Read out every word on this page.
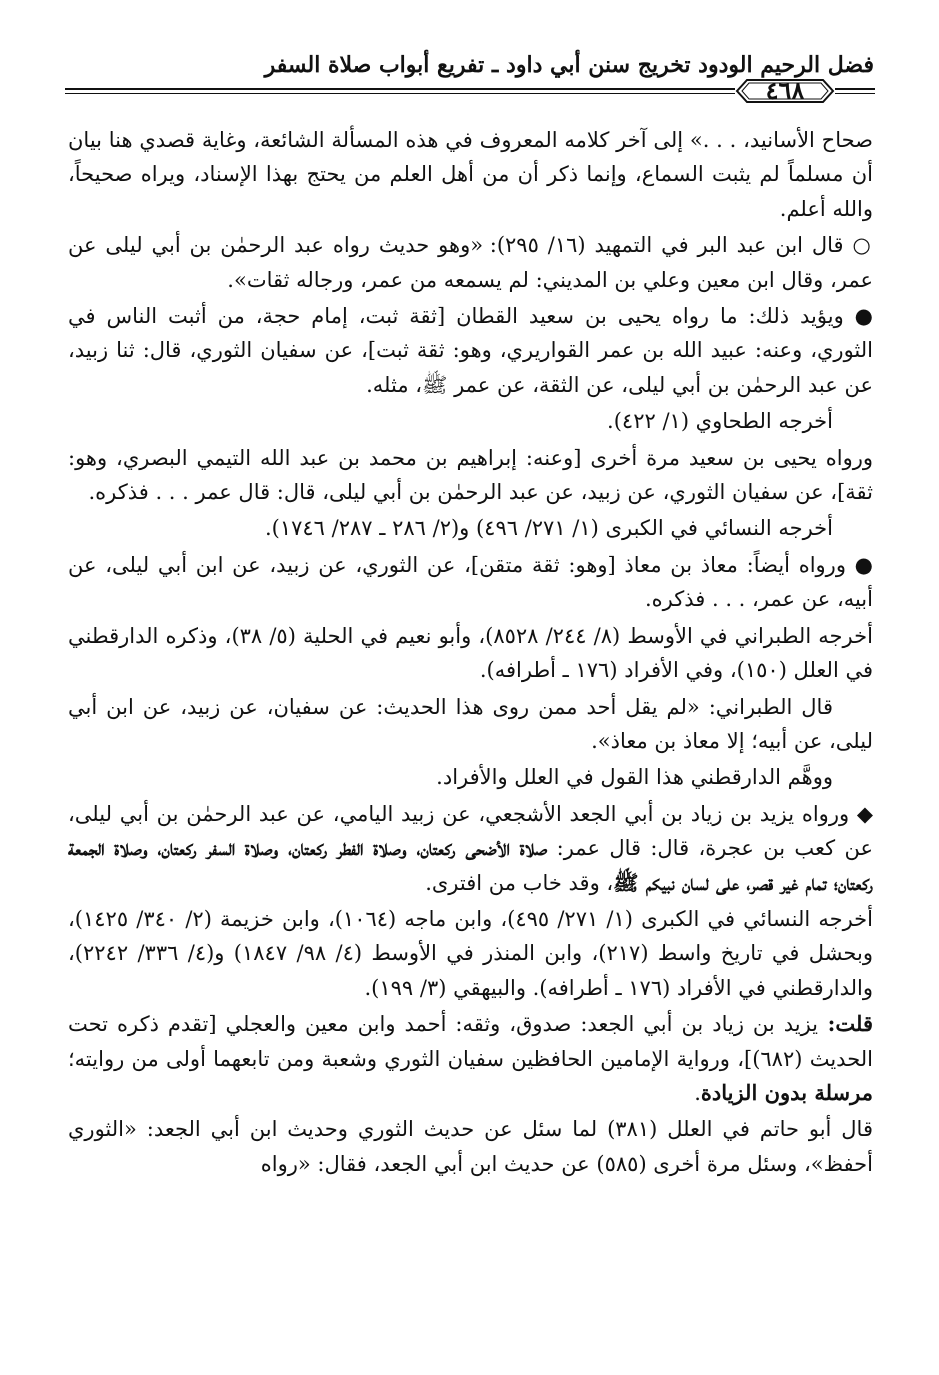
فضل الرحيم الودود تخريج سنن أبي داود ـ تفريع أبواب صلاة السفر
٤٦٨

صحاح الأسانيد، . . .» إلى آخر كلامه المعروف في هذه المسألة الشائعة، وغاية قصدي هنا بيان أن مسلماً لم يثبت السماع، وإنما ذكر أن من أهل العلم من يحتج بهذا الإسناد، ويراه صحيحاً، والله أعلم.

○ قال ابن عبد البر في التمهيد (١٦/ ٢٩٥): «وهو حديث رواه عبد الرحمٰن بن أبي ليلى عن عمر، وقال ابن معين وعلي بن المديني: لم يسمعه من عمر، ورجاله ثقات».

● ويؤيد ذلك: ما رواه يحيى بن سعيد القطان [ثقة ثبت، إمام حجة، من أثبت الناس في الثوري، وعنه: عبيد الله بن عمر القواريري، وهو: ثقة ثبت]، عن سفيان الثوري، قال: ثنا زبيد، عن عبد الرحمٰن بن أبي ليلى، عن الثقة، عن عمر ﷺ، مثله.

أخرجه الطحاوي (١/ ٤٢٢).

ورواه يحيى بن سعيد مرة أخرى [وعنه: إبراهيم بن محمد بن عبد الله التيمي البصري، وهو: ثقة]، عن سفيان الثوري، عن زبيد، عن عبد الرحمٰن بن أبي ليلى، قال: قال عمر . . . فذكره.

أخرجه النسائي في الكبرى (١/ ٢٧١/ ٤٩٦) و(٢/ ٢٨٦ ـ ٢٨٧/ ١٧٤٦).

● ورواه أيضاً: معاذ بن معاذ [وهو: ثقة متقن]، عن الثوري، عن زبيد، عن ابن أبي ليلى، عن أبيه، عن عمر، . . . فذكره.

أخرجه الطبراني في الأوسط (٨/ ٢٤٤/ ٨٥٢٨)، وأبو نعيم في الحلية (٥/ ٣٨)، وذكره الدارقطني في العلل (١٥٠)، وفي الأفراد (١٧٦ ـ أطرافه).

قال الطبراني: «لم يقل أحد ممن روى هذا الحديث: عن سفيان، عن زبيد، عن ابن أبي ليلى، عن أبيه؛ إلا معاذ بن معاذ».

ووهَّم الدارقطني هذا القول في العلل والأفراد.

◆ ورواه يزيد بن زياد بن أبي الجعد الأشجعي، عن زبيد اليامي، عن عبد الرحمٰن بن أبي ليلى، عن كعب بن عجرة، قال: قال عمر: صلاة الأضحى ركعتان، وصلاة الفطر ركعتان، وصلاة السفر ركعتان، وصلاة الجمعة ركعتان؛ تمام غير قصر، على لسان نبيكم ﷺ، وقد خاب من افترى.

أخرجه النسائي في الكبرى (١/ ٢٧١/ ٤٩٥)، وابن ماجه (١٠٦٤)، وابن خزيمة (٢/ ٣٤٠/ ١٤٢٥)، وبحشل في تاريخ واسط (٢١٧)، وابن المنذر في الأوسط (٤/ ٩٨/ ١٨٤٧) و(٤/ ٣٣٦/ ٢٢٤٢)، والدارقطني في الأفراد (١٧٦ ـ أطرافه). والبيهقي (٣/ ١٩٩).

قلت: يزيد بن زياد بن أبي الجعد: صدوق، وثقه: أحمد وابن معين والعجلي [تقدم ذكره تحت الحديث (٦٨٢)]، ورواية الإمامين الحافظين سفيان الثوري وشعبة ومن تابعهما أولى من روايته؛ مرسلة بدون الزيادة.

قال أبو حاتم في العلل (٣٨١) لما سئل عن حديث الثوري وحديث ابن أبي الجعد: «الثوري أحفظ»، وسئل مرة أخرى (٥٨٥) عن حديث ابن أبي الجعد، فقال: «رواه
